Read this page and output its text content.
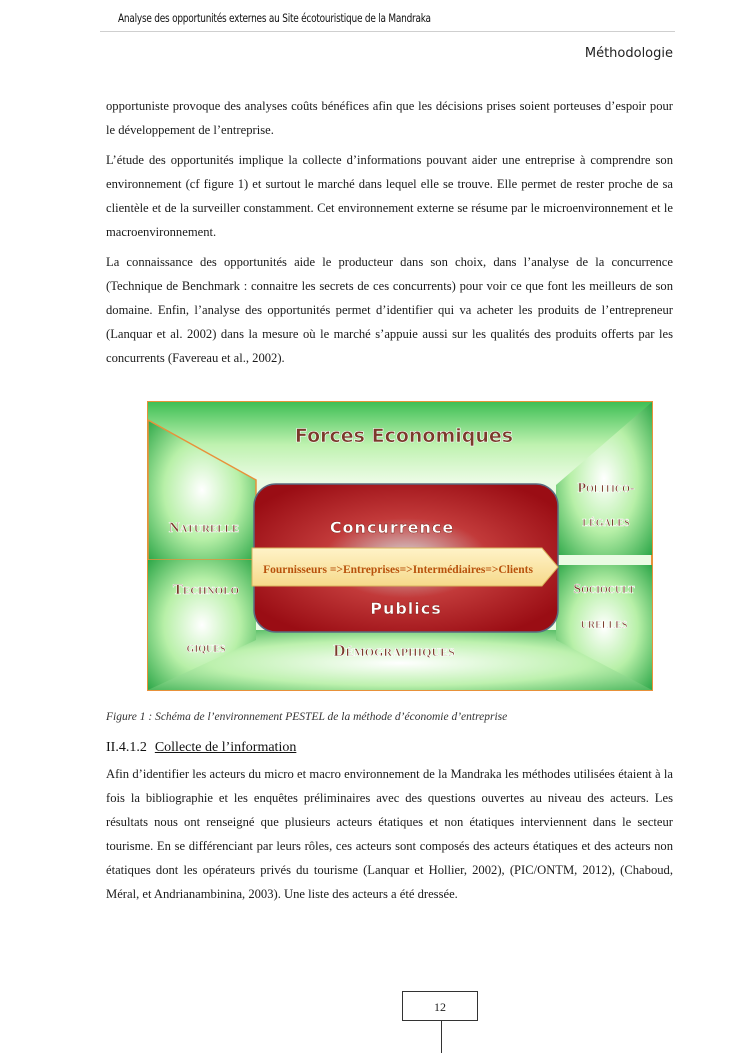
Analyse des opportunités externes au Site écotouristique de la Mandraka
Méthodologie

opportuniste provoque des analyses coûts bénéfices afin que les décisions prises soient porteuses d’espoir pour le développement de l’entreprise.

L’étude des opportunités implique la collecte d’informations pouvant aider une entreprise à comprendre son environnement (cf figure 1) et surtout le marché dans lequel elle se trouve. Elle permet de rester proche de sa clientèle et de la surveiller constamment. Cet environnement externe se résume par le microenvironnement et le macroenvironnement.

La connaissance des opportunités aide le producteur dans son choix, dans l’analyse de la concurrence (Technique de Benchmark : connaitre les secrets de ces concurrents) pour voir ce que font les meilleurs de son domaine. Enfin, l’analyse des opportunités permet d’identifier qui va acheter les produits de l’entrepreneur (Lanquar et al. 2002) dans la mesure où le marché s’appuie aussi sur les qualités des produits offerts par les concurrents (Favereau et al., 2002).

Forces Economiques
Naturelle
Politico-
légales
Technolo
giques
Sociocult
urelles
Démographiques
Concurrence
Fournisseurs =>Entreprises=>Intermédiaires=>Clients
Publics
Figure 1 : Schéma de l’environnement PESTEL de la méthode d’économie d’entreprise
II.4.1.2 Collecte de l’information

Afin d’identifier les acteurs du micro et macro environnement de la Mandraka les méthodes utilisées étaient à la fois la bibliographie et les enquêtes préliminaires avec des questions ouvertes au niveau des acteurs. Les résultats nous ont renseigné que plusieurs acteurs étatiques et non étatiques interviennent dans le secteur tourisme. En se différenciant par leurs rôles, ces acteurs sont composés des acteurs étatiques et des acteurs non étatiques dont les opérateurs privés du tourisme (Lanquar et Hollier, 2002), (PIC/ONTM, 2012), (Chaboud, Méral, et Andrianambinina, 2003). Une liste des acteurs a été dressée.

12
